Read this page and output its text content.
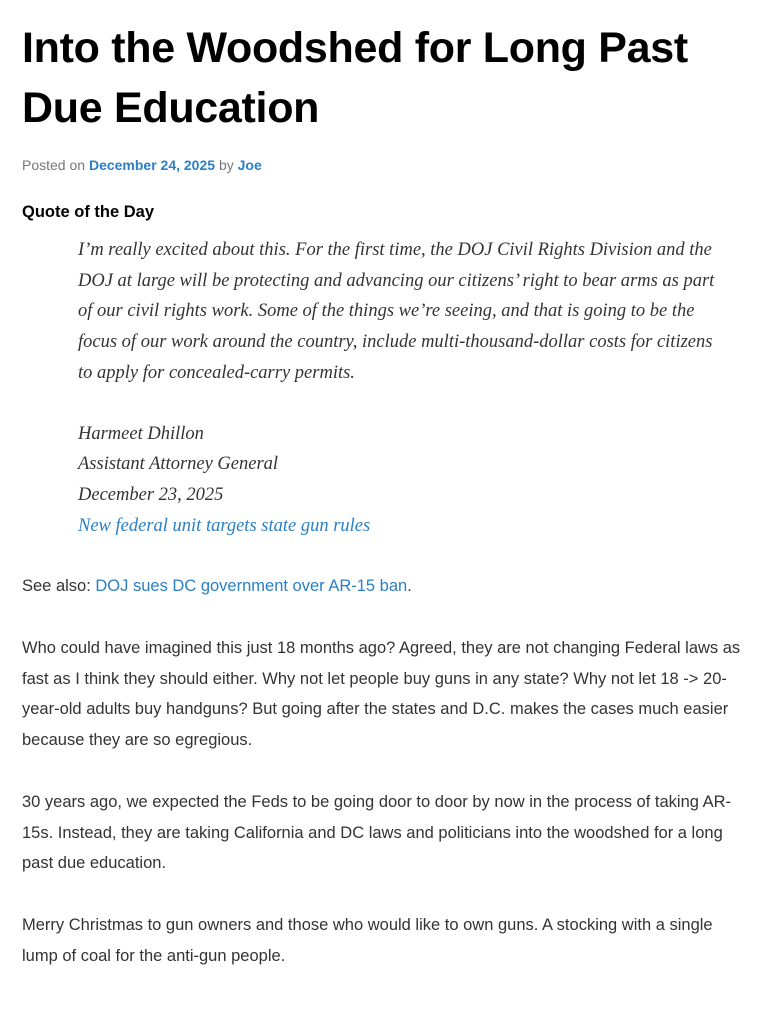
Into the Woodshed for Long Past Due Education
Posted on December 24, 2025 by Joe
Quote of the Day

I’m really excited about this. For the first time, the DOJ Civil Rights Division and the DOJ at large will be protecting and advancing our citizens’ right to bear arms as part of our civil rights work. Some of the things we’re seeing, and that is going to be the focus of our work around the country, include multi-thousand-dollar costs for citizens to apply for concealed-carry permits.

Harmeet Dhillon
Assistant Attorney General
December 23, 2025
New federal unit targets state gun rules

See also: DOJ sues DC government over AR-15 ban.

Who could have imagined this just 18 months ago? Agreed, they are not changing Federal laws as fast as I think they should either. Why not let people buy guns in any state? Why not let 18 -> 20-year-old adults buy handguns? But going after the states and D.C. makes the cases much easier because they are so egregious.

30 years ago, we expected the Feds to be going door to door by now in the process of taking AR-15s. Instead, they are taking California and DC laws and politicians into the woodshed for a long past due education.

Merry Christmas to gun owners and those who would like to own guns. A stocking with a single lump of coal for the anti-gun people.
